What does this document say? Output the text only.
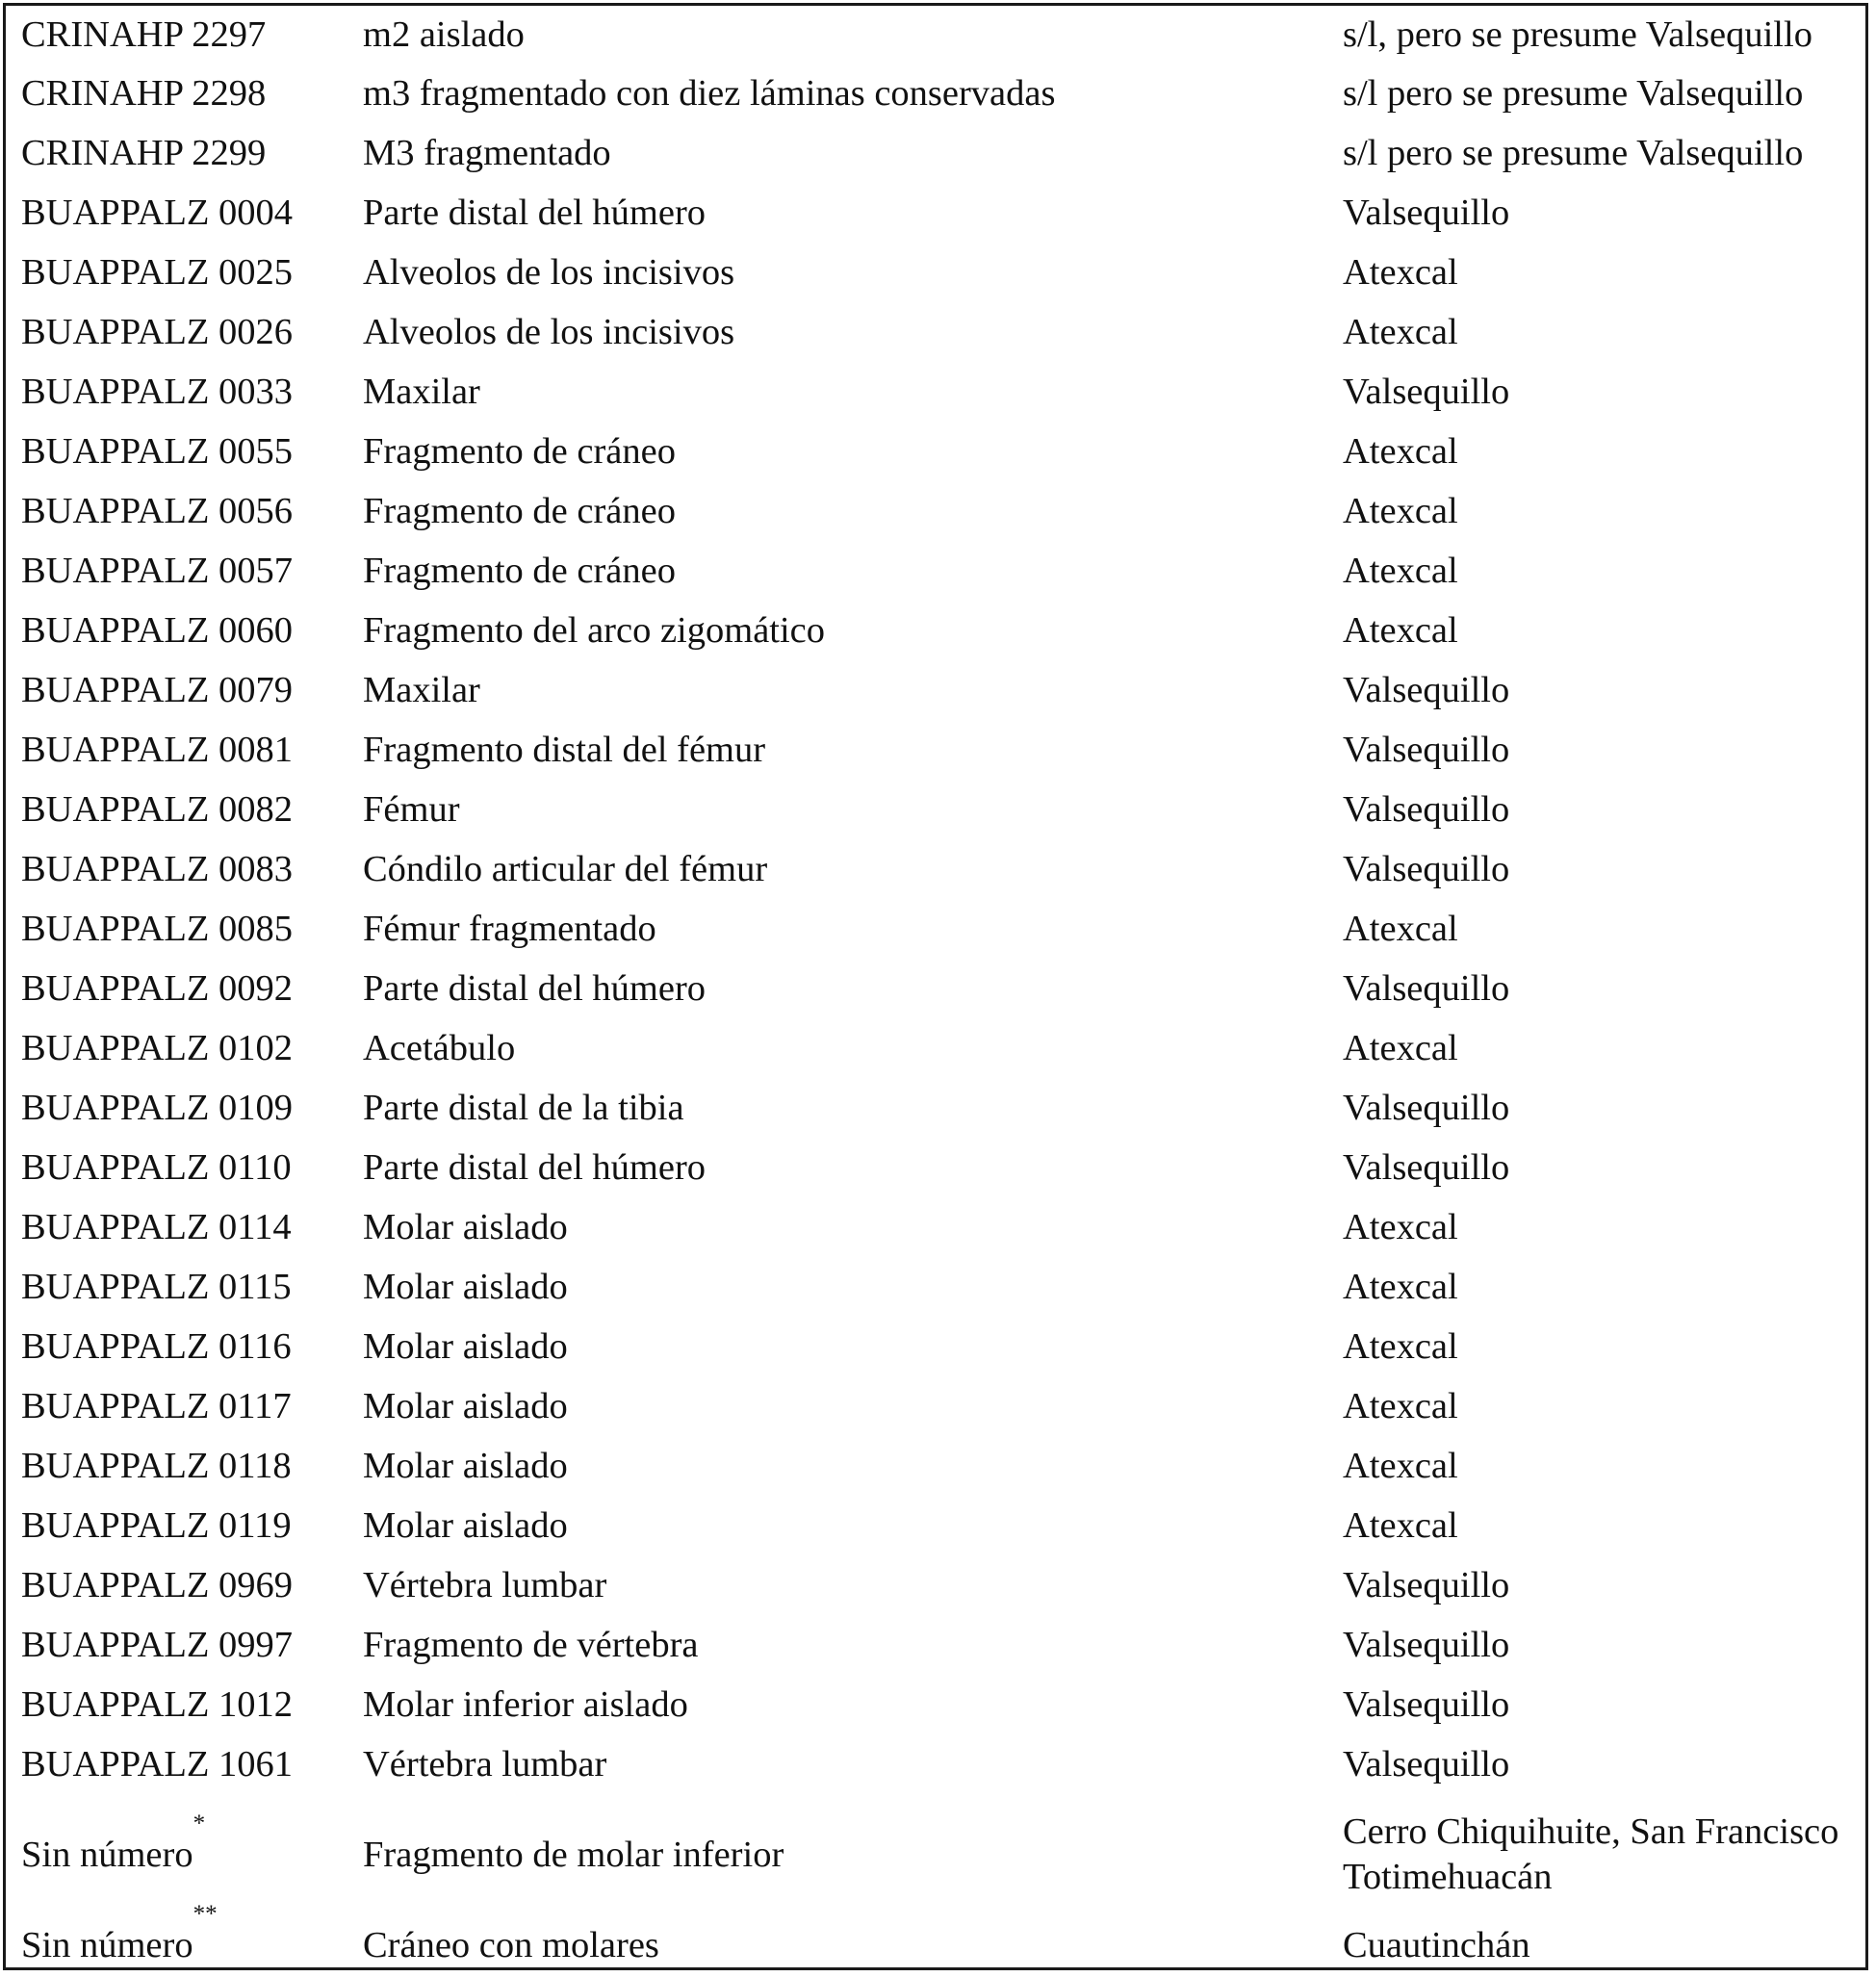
CRINAHP 2297	m2 aislado	s/l, pero se presume Valsequillo
CRINAHP 2298	m3 fragmentado con diez láminas conservadas	s/l pero se presume Valsequillo
CRINAHP 2299	M3 fragmentado	s/l pero se presume Valsequillo
BUAPPALZ 0004	Parte distal del húmero	Valsequillo
BUAPPALZ 0025	Alveolos de los incisivos	Atexcal
BUAPPALZ 0026	Alveolos de los incisivos	Atexcal
BUAPPALZ 0033	Maxilar	Valsequillo
BUAPPALZ 0055	Fragmento de cráneo	Atexcal
BUAPPALZ 0056	Fragmento de cráneo	Atexcal
BUAPPALZ 0057	Fragmento de cráneo	Atexcal
BUAPPALZ 0060	Fragmento del arco zigomático	Atexcal
BUAPPALZ 0079	Maxilar	Valsequillo
BUAPPALZ 0081	Fragmento distal del fémur	Valsequillo
BUAPPALZ 0082	Fémur	Valsequillo
BUAPPALZ 0083	Cóndilo articular del fémur	Valsequillo
BUAPPALZ 0085	Fémur fragmentado	Atexcal
BUAPPALZ 0092	Parte distal del húmero	Valsequillo
BUAPPALZ 0102	Acetábulo	Atexcal
BUAPPALZ 0109	Parte distal de la tibia	Valsequillo
BUAPPALZ 0110	Parte distal del húmero	Valsequillo
BUAPPALZ 0114	Molar aislado	Atexcal
BUAPPALZ 0115	Molar aislado	Atexcal
BUAPPALZ 0116	Molar aislado	Atexcal
BUAPPALZ 0117	Molar aislado	Atexcal
BUAPPALZ 0118	Molar aislado	Atexcal
BUAPPALZ 0119	Molar aislado	Atexcal
BUAPPALZ 0969	Vértebra lumbar	Valsequillo
BUAPPALZ 0997	Fragmento de vértebra	Valsequillo
BUAPPALZ 1012	Molar inferior aislado	Valsequillo
BUAPPALZ 1061	Vértebra lumbar	Valsequillo
Sin número*	Fragmento de molar inferior	Cerro Chiquihuite, San Francisco Totimehuacán
Sin número**	Cráneo con molares	Cuautinchán
